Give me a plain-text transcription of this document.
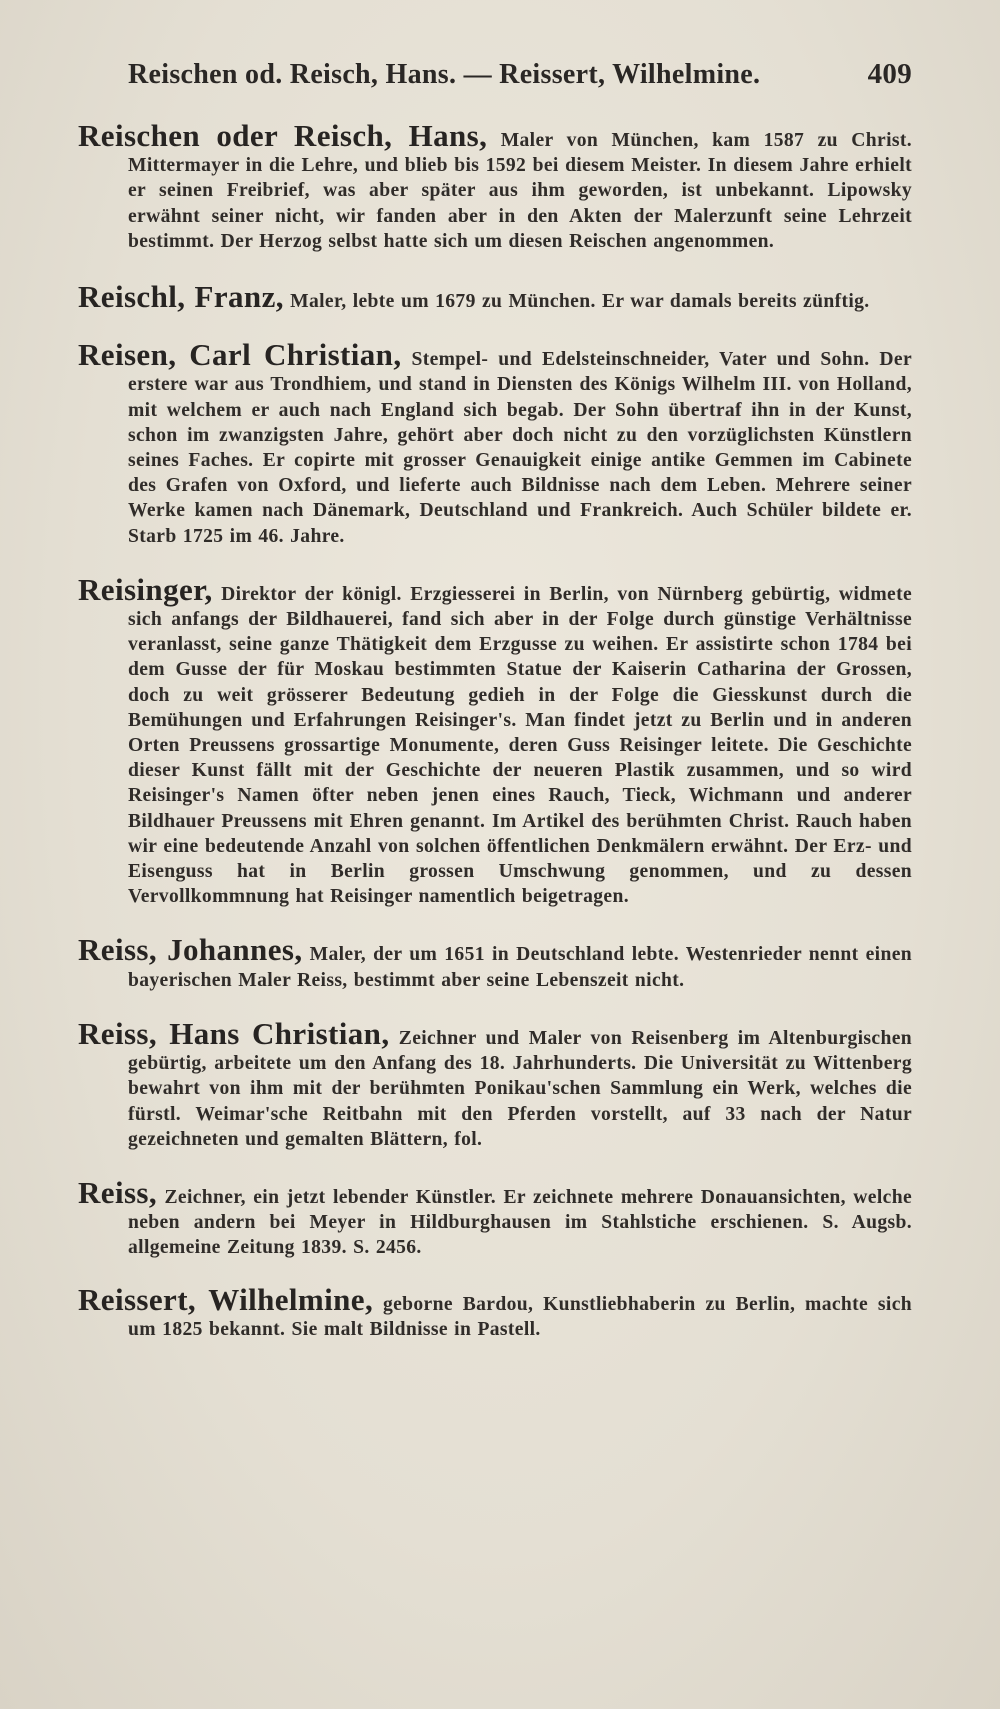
Reischen od. Reisch, Hans. — Reissert, Wilhelmine.	409

Reischen oder Reisch, Hans, Maler von München, kam 1587 zu Christ. Mittermayer in die Lehre, und blieb bis 1592 bei diesem Meister. In diesem Jahre erhielt er seinen Freibrief, was aber später aus ihm geworden, ist unbekannt. Lipowsky erwähnt seiner nicht, wir fanden aber in den Akten der Malerzunft seine Lehrzeit bestimmt. Der Herzog selbst hatte sich um diesen Reischen angenommen.

Reischl, Franz, Maler, lebte um 1679 zu München. Er war damals bereits zünftig.

Reisen, Carl Christian, Stempel- und Edelsteinschneider, Vater und Sohn. Der erstere war aus Trondhiem, und stand in Diensten des Königs Wilhelm III. von Holland, mit welchem er auch nach England sich begab. Der Sohn übertraf ihn in der Kunst, schon im zwanzigsten Jahre, gehört aber doch nicht zu den vorzüglichsten Künstlern seines Faches. Er copirte mit grosser Genauigkeit einige antike Gemmen im Cabinete des Grafen von Oxford, und lieferte auch Bildnisse nach dem Leben. Mehrere seiner Werke kamen nach Dänemark, Deutschland und Frankreich. Auch Schüler bildete er. Starb 1725 im 46. Jahre.

Reisinger, Direktor der königl. Erzgiesserei in Berlin, von Nürnberg gebürtig, widmete sich anfangs der Bildhauerei, fand sich aber in der Folge durch günstige Verhältnisse veranlasst, seine ganze Thätigkeit dem Erzgusse zu weihen. Er assistirte schon 1784 bei dem Gusse der für Moskau bestimmten Statue der Kaiserin Catharina der Grossen, doch zu weit grösserer Bedeutung gedieh in der Folge die Giesskunst durch die Bemühungen und Erfahrungen Reisinger's. Man findet jetzt zu Berlin und in anderen Orten Preussens grossartige Monumente, deren Guss Reisinger leitete. Die Geschichte dieser Kunst fällt mit der Geschichte der neueren Plastik zusammen, und so wird Reisinger's Namen öfter neben jenen eines Rauch, Tieck, Wichmann und anderer Bildhauer Preussens mit Ehren genannt. Im Artikel des berühmten Christ. Rauch haben wir eine bedeutende Anzahl von solchen öffentlichen Denkmälern erwähnt. Der Erz- und Eisenguss hat in Berlin grossen Umschwung genommen, und zu dessen Vervollkommnung hat Reisinger namentlich beigetragen.

Reiss, Johannes, Maler, der um 1651 in Deutschland lebte. Westenrieder nennt einen bayerischen Maler Reiss, bestimmt aber seine Lebenszeit nicht.

Reiss, Hans Christian, Zeichner und Maler von Reisenberg im Altenburgischen gebürtig, arbeitete um den Anfang des 18. Jahrhunderts. Die Universität zu Wittenberg bewahrt von ihm mit der berühmten Ponikau'schen Sammlung ein Werk, welches die fürstl. Weimar'sche Reitbahn mit den Pferden vorstellt, auf 33 nach der Natur gezeichneten und gemalten Blättern, fol.

Reiss, Zeichner, ein jetzt lebender Künstler. Er zeichnete mehrere Donauansichten, welche neben andern bei Meyer in Hildburghausen im Stahlstiche erschienen. S. Augsb. allgemeine Zeitung 1839. S. 2456.

Reissert, Wilhelmine, geborne Bardou, Kunstliebhaberin zu Berlin, machte sich um 1825 bekannt. Sie malt Bildnisse in Pastell.
